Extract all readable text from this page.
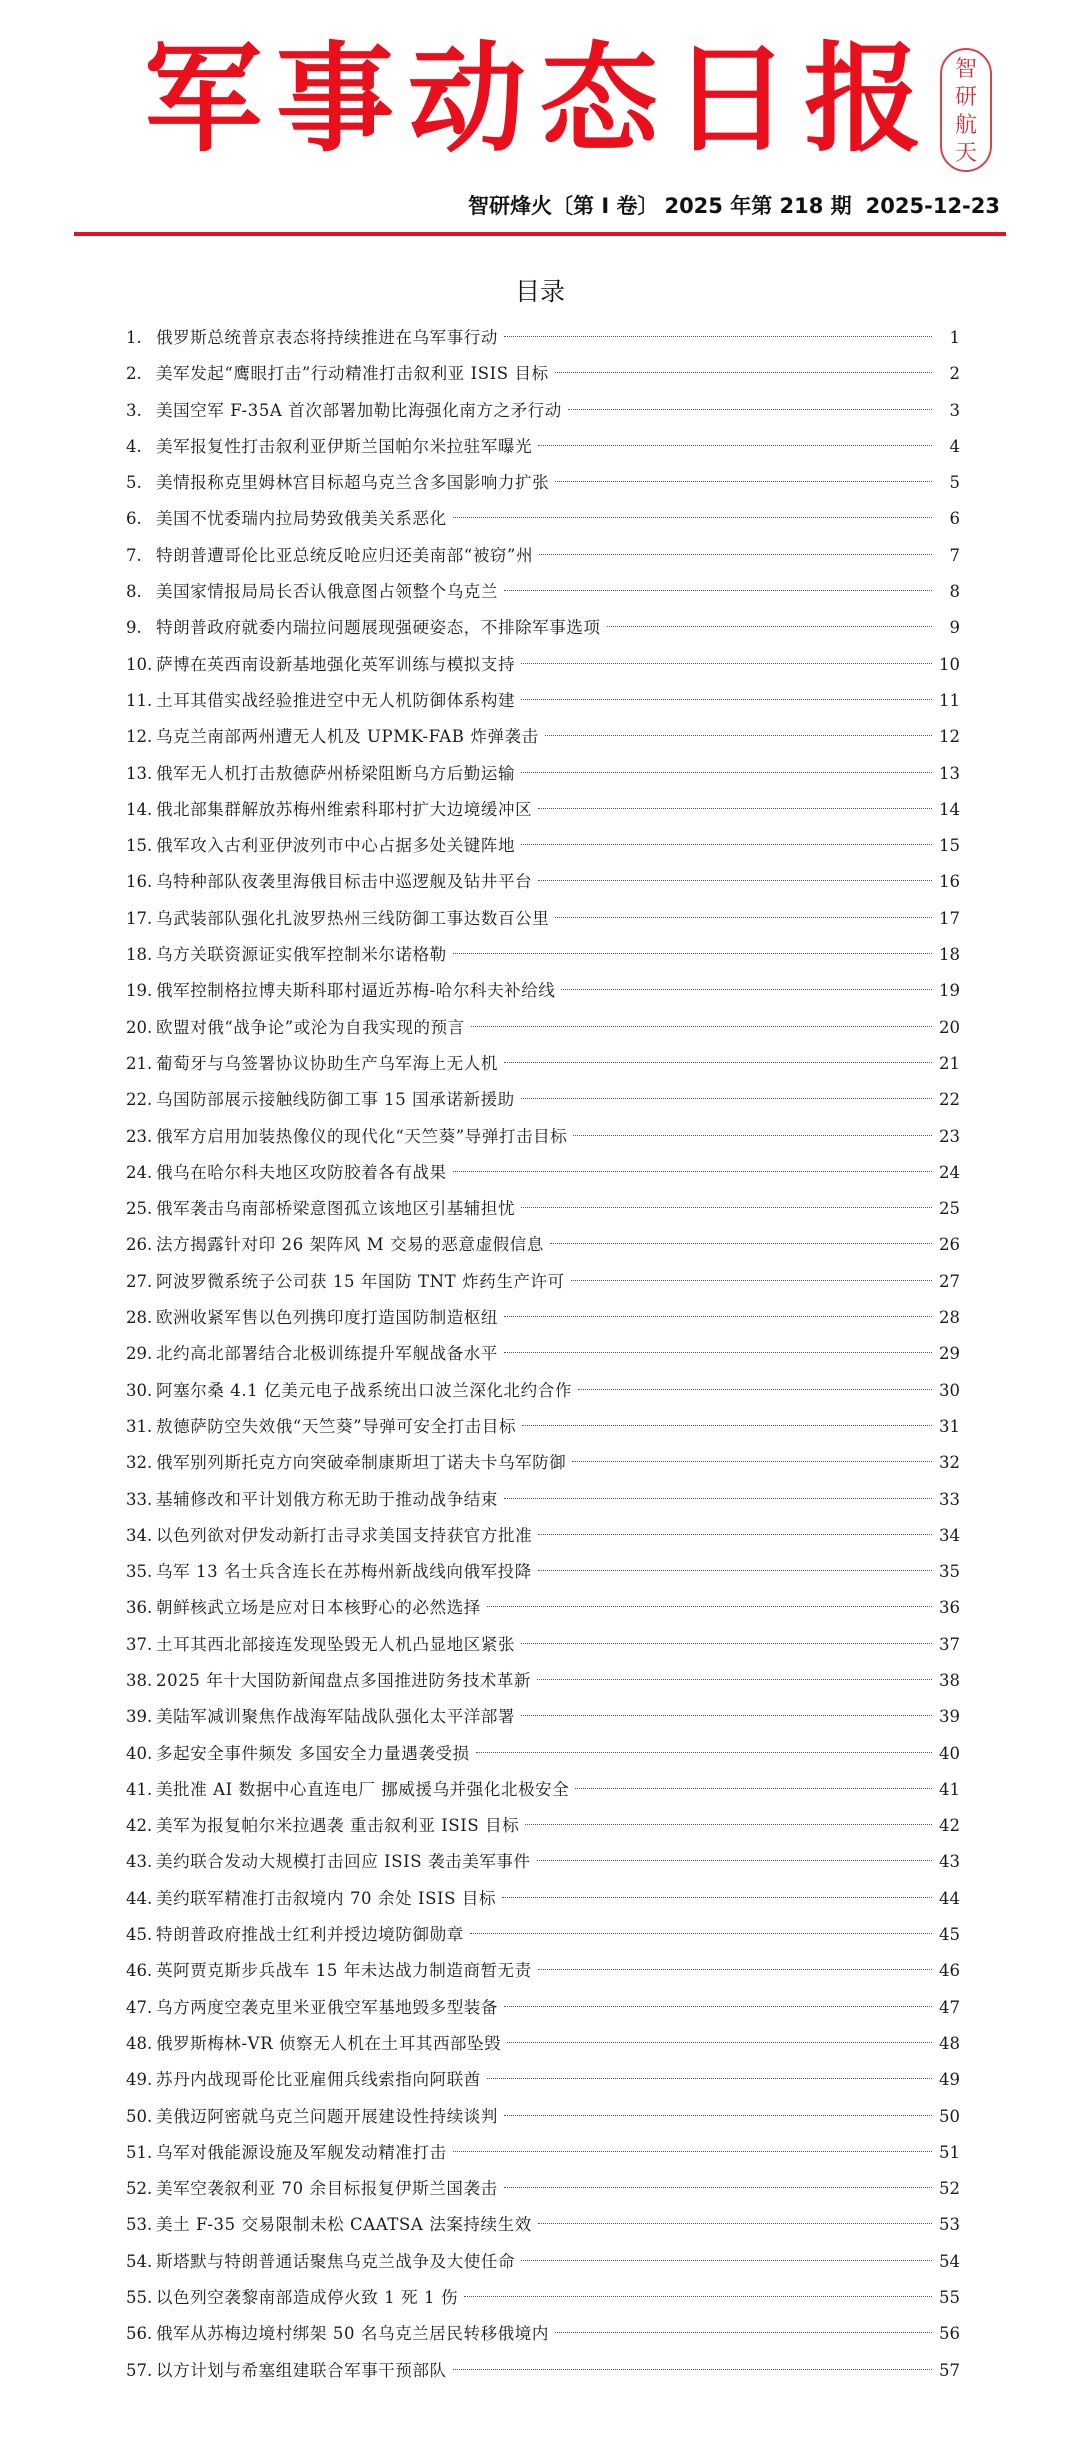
军事动态日报 智
研
航
天
智研烽火〔第 I 卷〕 2025 年第 218 期 2025-12-23
目录
1. 俄罗斯总统普京表态将持续推进在乌军事行动	1
2. 美军发起“鹰眼打击”行动精准打击叙利亚 ISIS 目标	2
3. 美国空军 F-35A 首次部署加勒比海强化南方之矛行动	3
4. 美军报复性打击叙利亚伊斯兰国帕尔米拉驻军曝光	4
5. 美情报称克里姆林宫目标超乌克兰含多国影响力扩张	5
6. 美国不忧委瑞内拉局势致俄美关系恶化	6
7. 特朗普遭哥伦比亚总统反呛应归还美南部“被窃”州	7
8. 美国家情报局局长否认俄意图占领整个乌克兰	8
9. 特朗普政府就委内瑞拉问题展现强硬姿态，不排除军事选项	9
10. 萨博在英西南设新基地强化英军训练与模拟支持	10
11. 土耳其借实战经验推进空中无人机防御体系构建	11
12. 乌克兰南部两州遭无人机及 UPMK-FAB 炸弹袭击	12
13. 俄军无人机打击敖德萨州桥梁阻断乌方后勤运输	13
14. 俄北部集群解放苏梅州维索科耶村扩大边境缓冲区	14
15. 俄军攻入古利亚伊波列市中心占据多处关键阵地	15
16. 乌特种部队夜袭里海俄目标击中巡逻舰及钻井平台	16
17. 乌武装部队强化扎波罗热州三线防御工事达数百公里	17
18. 乌方关联资源证实俄军控制米尔诺格勒	18
19. 俄军控制格拉博夫斯科耶村逼近苏梅-哈尔科夫补给线	19
20. 欧盟对俄“战争论”或沦为自我实现的预言	20
21. 葡萄牙与乌签署协议协助生产乌军海上无人机	21
22. 乌国防部展示接触线防御工事 15 国承诺新援助	22
23. 俄军方启用加装热像仪的现代化“天竺葵”导弹打击目标	23
24. 俄乌在哈尔科夫地区攻防胶着各有战果	24
25. 俄军袭击乌南部桥梁意图孤立该地区引基辅担忧	25
26. 法方揭露针对印 26 架阵风 M 交易的恶意虚假信息	26
27. 阿波罗微系统子公司获 15 年国防 TNT 炸药生产许可	27
28. 欧洲收紧军售以色列携印度打造国防制造枢纽	28
29. 北约高北部署结合北极训练提升军舰战备水平	29
30. 阿塞尔桑 4.1 亿美元电子战系统出口波兰深化北约合作	30
31. 敖德萨防空失效俄“天竺葵”导弹可安全打击目标	31
32. 俄军别列斯托克方向突破牵制康斯坦丁诺夫卡乌军防御	32
33. 基辅修改和平计划俄方称无助于推动战争结束	33
34. 以色列欲对伊发动新打击寻求美国支持获官方批准	34
35. 乌军 13 名士兵含连长在苏梅州新战线向俄军投降	35
36. 朝鲜核武立场是应对日本核野心的必然选择	36
37. 土耳其西北部接连发现坠毁无人机凸显地区紧张	37
38. 2025 年十大国防新闻盘点多国推进防务技术革新	38
39. 美陆军减训聚焦作战海军陆战队强化太平洋部署	39
40. 多起安全事件频发 多国安全力量遇袭受损	40
41. 美批准 AI 数据中心直连电厂 挪威援乌并强化北极安全	41
42. 美军为报复帕尔米拉遇袭 重击叙利亚 ISIS 目标	42
43. 美约联合发动大规模打击回应 ISIS 袭击美军事件	43
44. 美约联军精准打击叙境内 70 余处 ISIS 目标	44
45. 特朗普政府推战士红利并授边境防御勋章	45
46. 英阿贾克斯步兵战车 15 年未达战力制造商暂无责	46
47. 乌方两度空袭克里米亚俄空军基地毁多型装备	47
48. 俄罗斯梅林-VR 侦察无人机在土耳其西部坠毁	48
49. 苏丹内战现哥伦比亚雇佣兵线索指向阿联酋	49
50. 美俄迈阿密就乌克兰问题开展建设性持续谈判	50
51. 乌军对俄能源设施及军舰发动精准打击	51
52. 美军空袭叙利亚 70 余目标报复伊斯兰国袭击	52
53. 美土 F-35 交易限制未松 CAATSA 法案持续生效	53
54. 斯塔默与特朗普通话聚焦乌克兰战争及大使任命	54
55. 以色列空袭黎南部造成停火致 1 死 1 伤	55
56. 俄军从苏梅边境村绑架 50 名乌克兰居民转移俄境内	56
57. 以方计划与希塞组建联合军事干预部队	57
